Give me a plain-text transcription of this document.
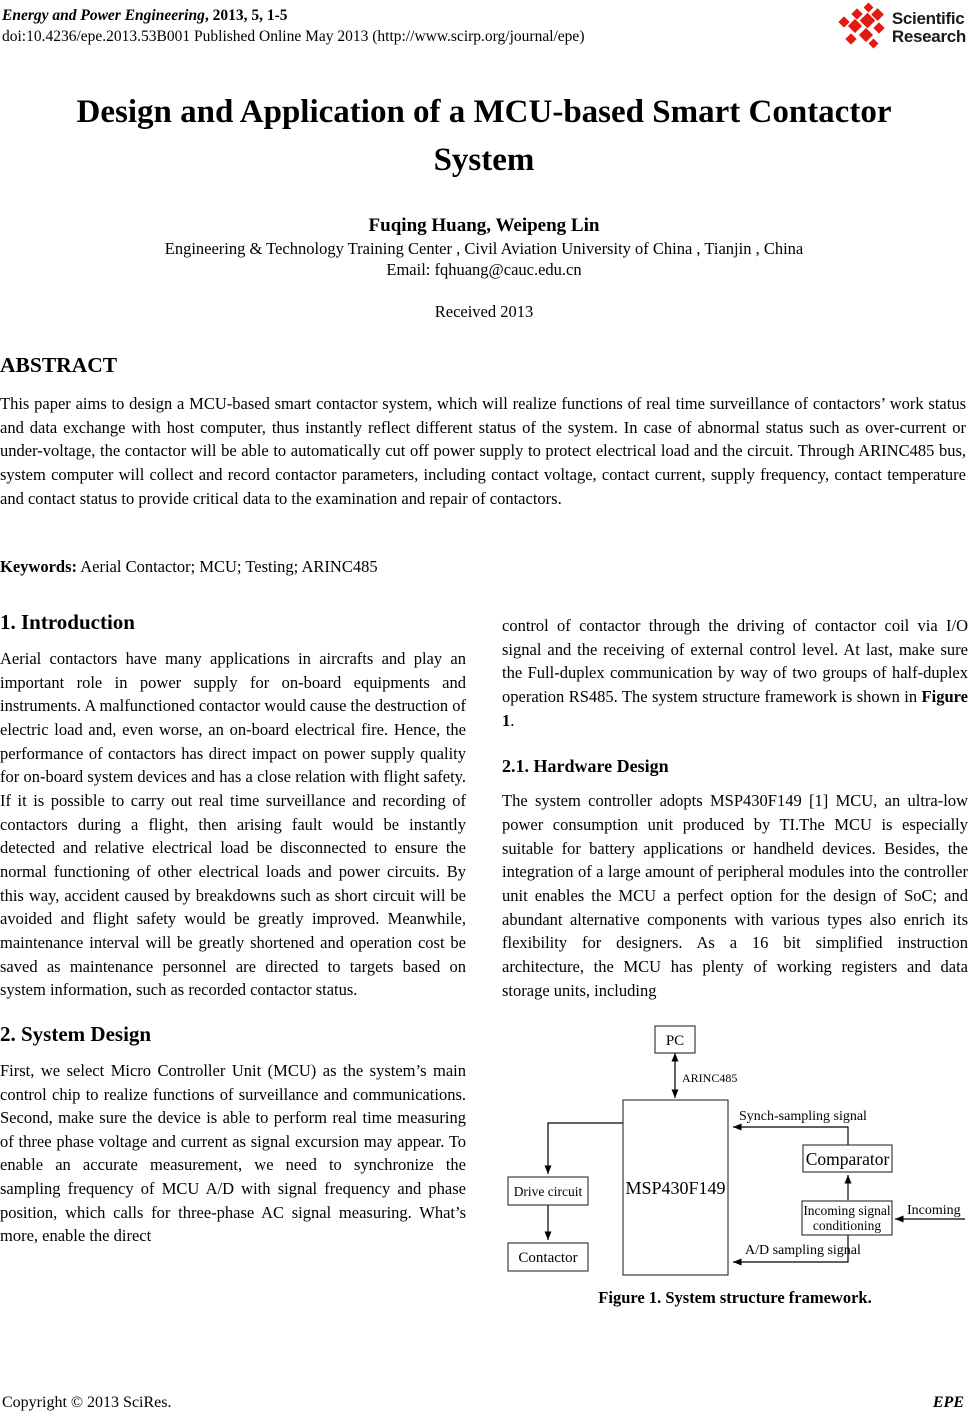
Energy and Power Engineering, 2013, 5, 1-5
doi:10.4236/epe.2013.53B001 Published Online May 2013 (http://www.scirp.org/journal/epe)
Scientific
Research
Design and Application of a MCU-based Smart Contactor System
Fuqing Huang, Weipeng Lin
Engineering & Technology Training Center , Civil Aviation University of China , Tianjin , China
Email: fqhuang@cauc.edu.cn
Received 2013
ABSTRACT

This paper aims to design a MCU-based smart contactor system, which will realize functions of real time surveillance of contactors’ work status and data exchange with host computer, thus instantly reflect different status of the system. In case of abnormal status such as over-current or under-voltage, the contactor will be able to automatically cut off power supply to protect electrical load and the circuit. Through ARINC485 bus, system computer will collect and record contactor parameters, including contact voltage, contact current, supply frequency, contact temperature and contact status to provide critical data to the examination and repair of contactors.

Keywords: Aerial Contactor; MCU; Testing; ARINC485

1. Introduction

Aerial contactors have many applications in aircrafts and play an important role in power supply for on-board equipments and instruments. A malfunctioned contactor would cause the destruction of electric load and, even worse, an on-board electrical fire. Hence, the performance of contactors has direct impact on power supply quality for on-board system devices and has a close relation with flight safety. If it is possible to carry out real time surveillance and recording of contactors during a flight, then arising fault would be instantly detected and relative electrical load be disconnected to ensure the normal functioning of other electrical loads and power circuits. By this way, accident caused by breakdowns such as short circuit will be avoided and flight safety would be greatly improved. Meanwhile, maintenance interval will be greatly shortened and operation cost be saved as maintenance personnel are directed to targets based on system information, such as recorded contactor status.

2. System Design

First, we select Micro Controller Unit (MCU) as the system’s main control chip to realize functions of surveillance and communications. Second, make sure the device is able to perform real time measuring of three phase voltage and current as signal excursion may appear. To enable an accurate measurement, we need to synchronize the sampling frequency of MCU A/D with signal frequency and phase position, which calls for three-phase AC signal measuring. What’s more, enable the direct

control of contactor through the driving of contactor coil via I/O signal and the receiving of external control level. At last, make sure the Full-duplex communication by way of two groups of half-duplex operation RS485. The system structure framework is shown in Figure 1.

2.1. Hardware Design

The system controller adopts MSP430F149 [1] MCU, an ultra-low power consumption unit produced by TI.The MCU is especially suitable for battery applications or handheld devices. Besides, the integration of a large amount of peripheral modules into the controller unit enables the MCU a perfect option for the design of SoC; and abundant alternative components with various types also enrich its flexibility for designers. As a 16 bit simplified instruction architecture, the MCU has plenty of working registers and data storage units, including

PC
MSP430F149
Drive circuit
Contactor
Comparator
Incoming signal
conditioning
ARINC485
Synch-sampling signal
A/D sampling signal
Incoming
Figure 1. System structure framework.
Copyright © 2013 SciRes.	EPE
